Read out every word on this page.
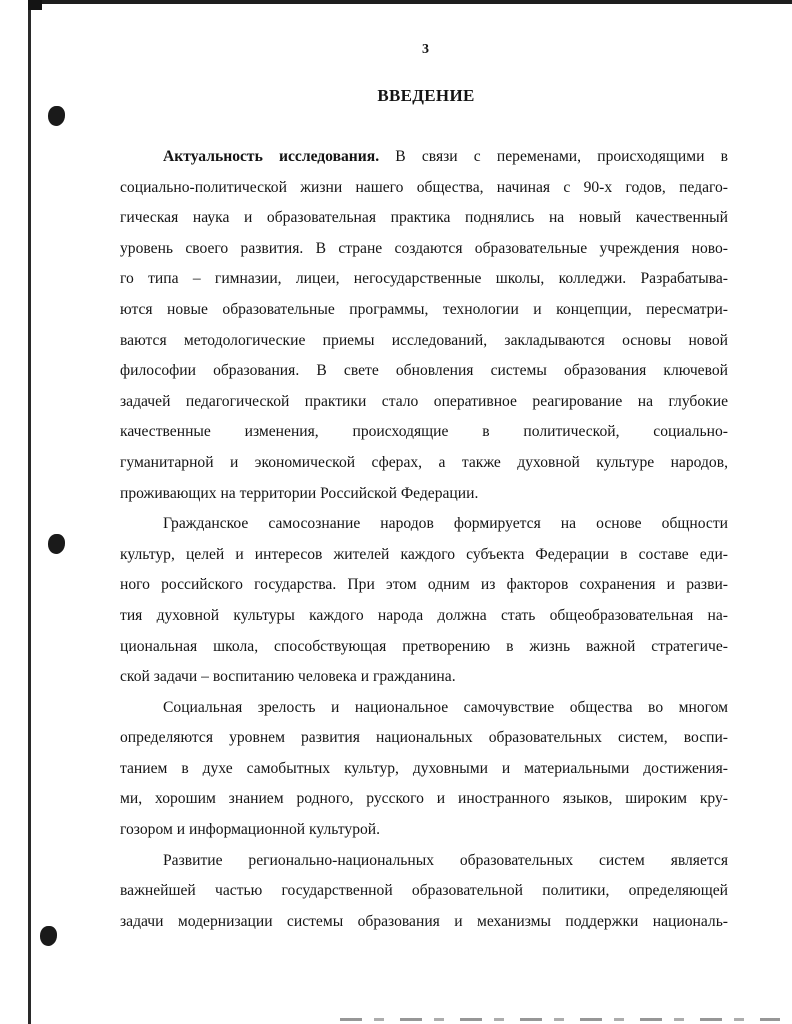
3
ВВЕДЕНИЕ
Актуальность исследования. В связи с переменами, происходящими в
социально-политической жизни нашего общества, начиная с 90-х годов, педаго-
гическая наука и образовательная практика поднялись на новый качественный
уровень своего развития. В стране создаются образовательные учреждения ново-
го типа – гимназии, лицеи, негосударственные школы, колледжи. Разрабатыва-
ются новые образовательные программы, технологии и концепции, пересматри-
ваются методологические приемы исследований, закладываются основы новой
философии образования. В свете обновления системы образования ключевой
задачей педагогической практики стало оперативное реагирование на глубокие
качественные изменения, происходящие в политической, социально-
гуманитарной и экономической сферах, а также духовной культуре народов,
проживающих на территории Российской Федерации.
Гражданское самосознание народов формируется на основе общности
культур, целей и интересов жителей каждого субъекта Федерации в составе еди-
ного российского государства. При этом одним из факторов сохранения и разви-
тия духовной культуры каждого народа должна стать общеобразовательная на-
циональная школа, способствующая претворению в жизнь важной стратегиче-
ской задачи – воспитанию человека и гражданина.
Социальная зрелость и национальное самочувствие общества во многом
определяются уровнем развития национальных образовательных систем, воспи-
танием в духе самобытных культур, духовными и материальными достижения-
ми, хорошим знанием родного, русского и иностранного языков, широким кру-
гозором и информационной культурой.
Развитие регионально-национальных образовательных систем является
важнейшей частью государственной образовательной политики, определяющей
задачи модернизации системы образования и механизмы поддержки националь-
